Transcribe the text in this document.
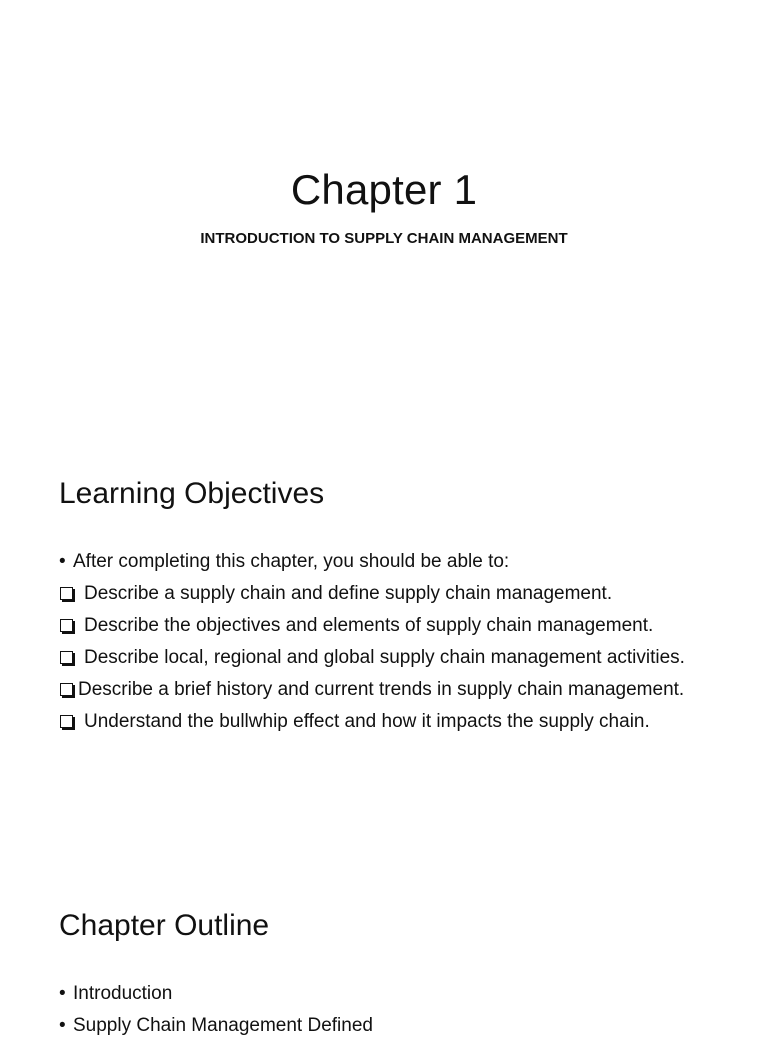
Chapter 1
INTRODUCTION TO SUPPLY CHAIN MANAGEMENT
Learning Objectives
• After completing this chapter, you should be able to:
Describe a supply chain and define supply chain management.
Describe the objectives and elements of supply chain management.
Describe local, regional and global supply chain management activities.
Describe a brief history and current trends in supply chain management.
Understand the bullwhip effect and how it impacts the supply chain.
Chapter Outline
• Introduction
• Supply Chain Management Defined
